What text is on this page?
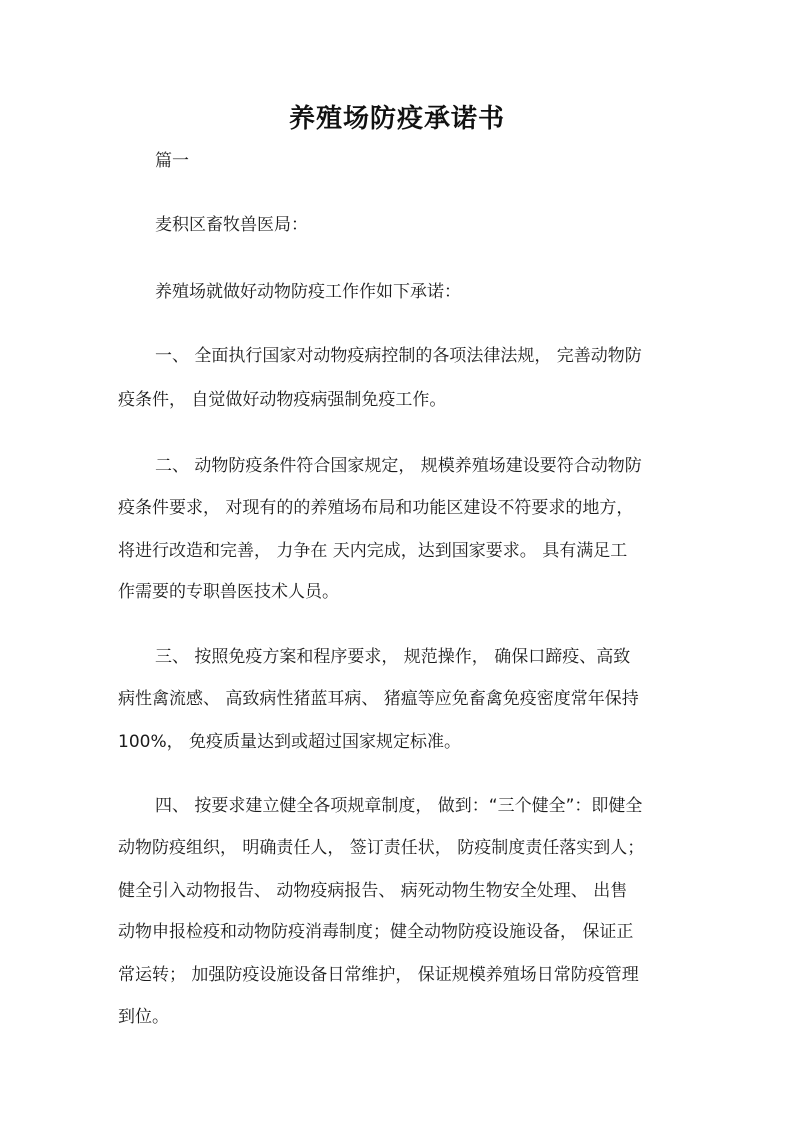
养殖场防疫承诺书
篇一
麦积区畜牧兽医局：
养殖场就做好动物防疫工作作如下承诺：
一、 全面执行国家对动物疫病控制的各项法律法规， 完善动物防
疫条件， 自觉做好动物疫病强制免疫工作。
二、 动物防疫条件符合国家规定， 规模养殖场建设要符合动物防
疫条件要求， 对现有的的养殖场布局和功能区建设不符要求的地方，
将进行改造和完善， 力争在 天内完成，达到国家要求。 具有满足工
作需要的专职兽医技术人员。
三、 按照免疫方案和程序要求， 规范操作， 确保口蹄疫、高致
病性禽流感、 高致病性猪蓝耳病、 猪瘟等应免畜禽免疫密度常年保持
100%， 免疫质量达到或超过国家规定标准。
四、 按要求建立健全各项规章制度， 做到：“三个健全”：即健全
动物防疫组织， 明确责任人， 签订责任状， 防疫制度责任落实到人；
健全引入动物报告、 动物疫病报告、 病死动物生物安全处理、 出售
动物申报检疫和动物防疫消毒制度；健全动物防疫设施设备， 保证正
常运转； 加强防疫设施设备日常维护， 保证规模养殖场日常防疫管理
到位。
